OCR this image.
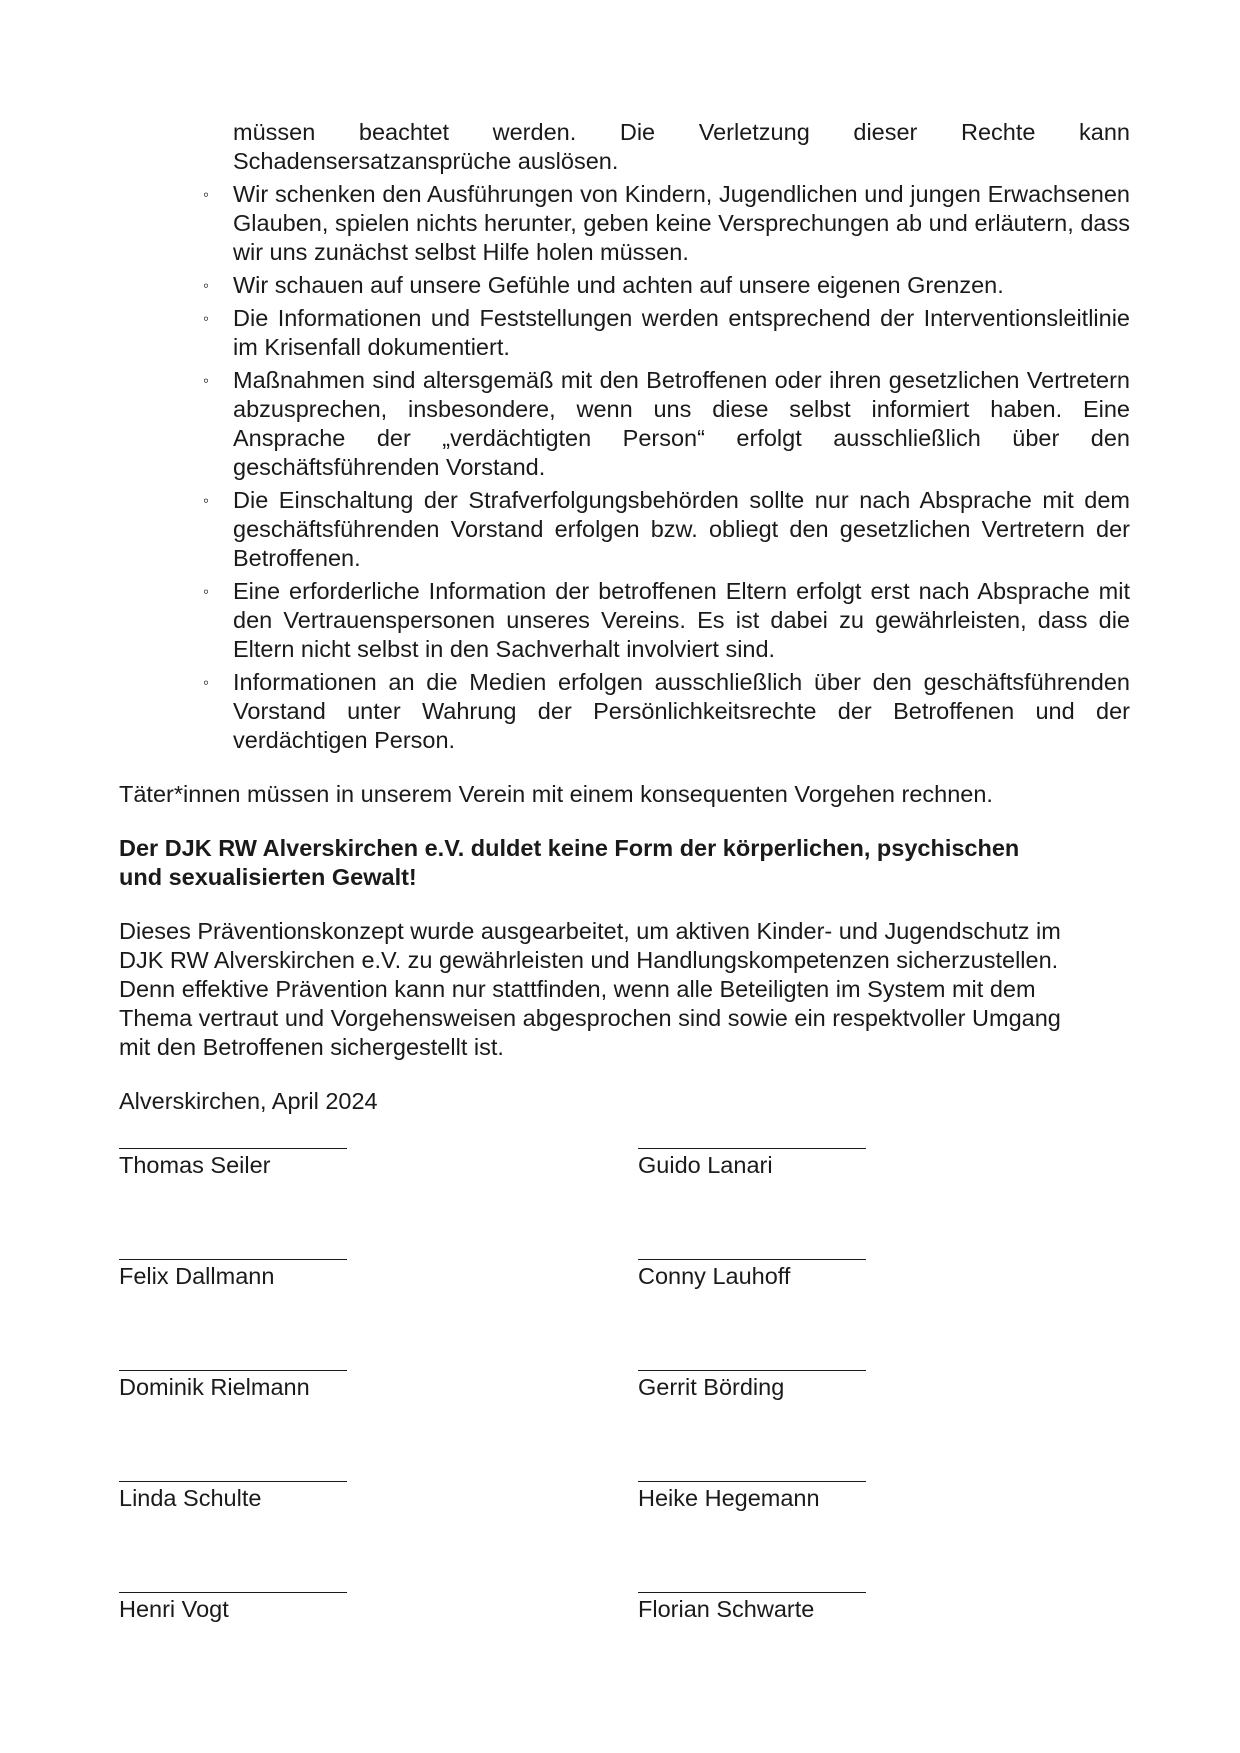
müssen beachtet werden. Die Verletzung dieser Rechte kann Schadensersatzansprüche auslösen.

◦ Wir schenken den Ausführungen von Kindern, Jugendlichen und jungen Erwachsenen Glauben, spielen nichts herunter, geben keine Versprechungen ab und erläutern, dass wir uns zunächst selbst Hilfe holen müssen.
◦ Wir schauen auf unsere Gefühle und achten auf unsere eigenen Grenzen.
◦ Die Informationen und Feststellungen werden entsprechend der Interventionsleitlinie im Krisenfall dokumentiert.
◦ Maßnahmen sind altersgemäß mit den Betroffenen oder ihren gesetzlichen Vertretern abzusprechen, insbesondere, wenn uns diese selbst informiert haben. Eine Ansprache der „verdächtigten Person“ erfolgt ausschließlich über den geschäftsführenden Vorstand.
◦ Die Einschaltung der Strafverfolgungsbehörden sollte nur nach Absprache mit dem geschäftsführenden Vorstand erfolgen bzw. obliegt den gesetzlichen Vertretern der Betroffenen.
◦ Eine erforderliche Information der betroffenen Eltern erfolgt erst nach Absprache mit den Vertrauenspersonen unseres Vereins. Es ist dabei zu gewährleisten, dass die Eltern nicht selbst in den Sachverhalt involviert sind.
◦ Informationen an die Medien erfolgen ausschließlich über den geschäftsführenden Vorstand unter Wahrung der Persönlichkeitsrechte der Betroffenen und der verdächtigen Person.

Täter*innen müssen in unserem Verein mit einem konsequenten Vorgehen rechnen.

Der DJK RW Alverskirchen e.V. duldet keine Form der körperlichen, psychischen
und sexualisierten Gewalt!

Dieses Präventionskonzept wurde ausgearbeitet, um aktiven Kinder- und Jugendschutz im
DJK RW Alverskirchen e.V. zu gewährleisten und Handlungskompetenzen sicherzustellen.
Denn effektive Prävention kann nur stattfinden, wenn alle Beteiligten im System mit dem
Thema vertraut und Vorgehensweisen abgesprochen sind sowie ein respektvoller Umgang
mit den Betroffenen sichergestellt ist.

Alverskirchen, April 2024

Thomas Seiler	Guido Lanari
Felix Dallmann	Conny Lauhoff
Dominik Rielmann	Gerrit Börding
Linda Schulte	Heike Hegemann
Henri Vogt	Florian Schwarte
